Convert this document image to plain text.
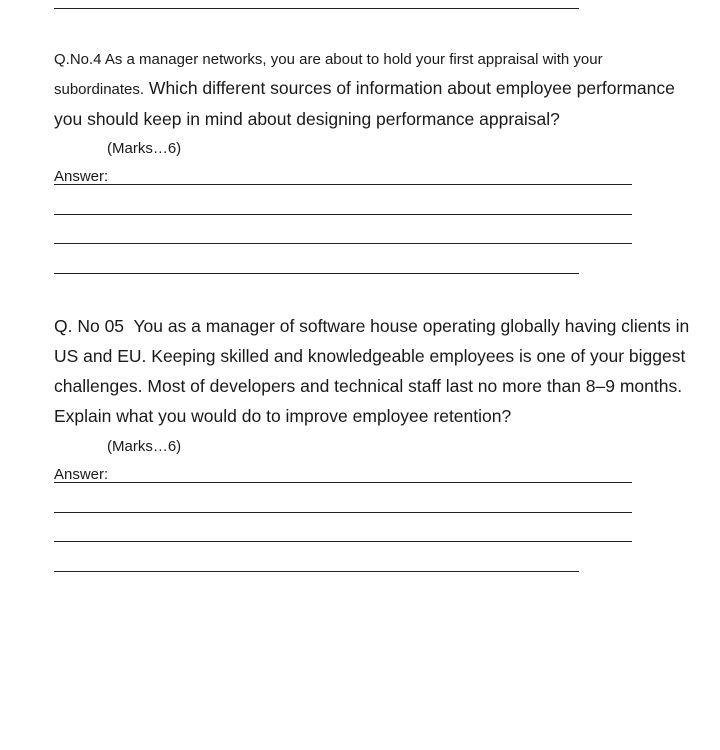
Q.No.4 As a manager networks, you are about to hold your first appraisal with your
subordinates. Which different sources of information about employee performance
you should keep in mind about designing performance appraisal?
(Marks…6)
Answer:
Q. No 05  You as a manager of software house operating globally having clients in
US and EU. Keeping skilled and knowledgeable employees is one of your biggest
challenges. Most of developers and technical staff last no more than 8–9 months.
Explain what you would do to improve employee retention?
(Marks…6)
Answer:
